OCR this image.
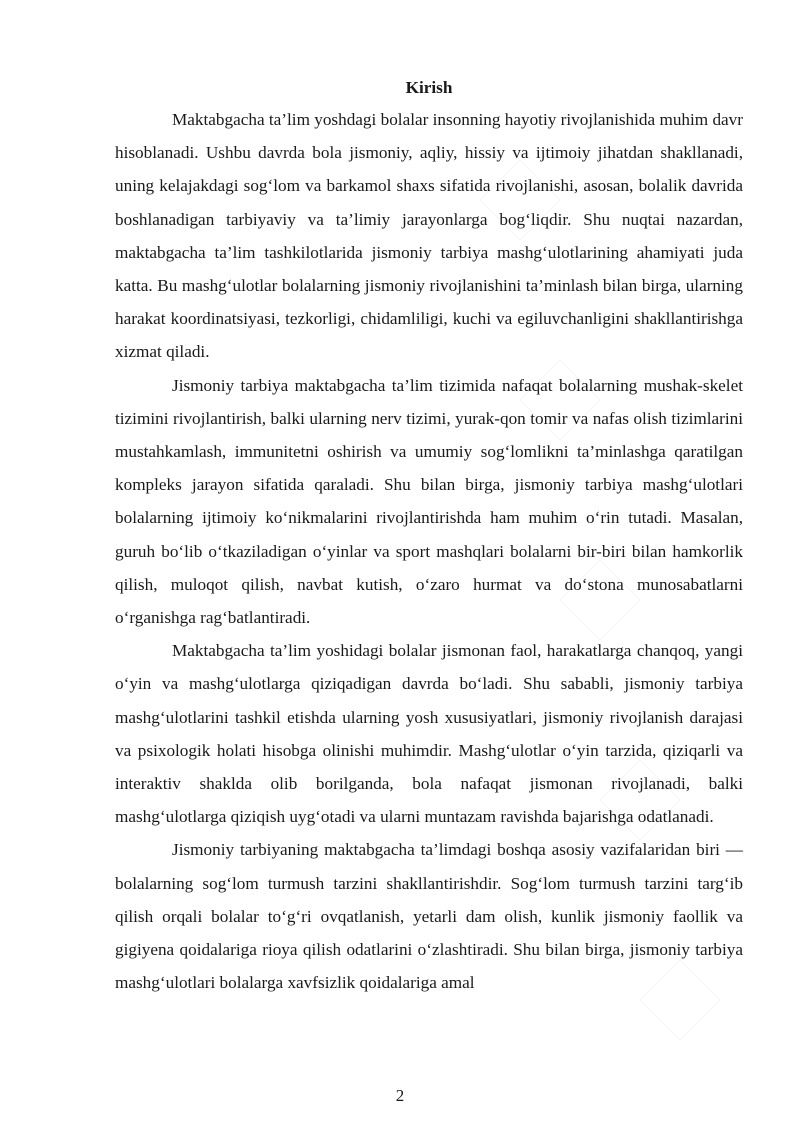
Kirish

Maktabgacha ta’lim yoshdagi bolalar insonning hayotiy rivojlanishida muhim davr hisoblanadi. Ushbu davrda bola jismoniy, aqliy, hissiy va ijtimoiy jihatdan shakllanadi, uning kelajakdagi sog‘lom va barkamol shaxs sifatida rivojlanishi, asosan, bolalik davrida boshlanadigan tarbiyaviy va ta’limiy jarayonlarga bog‘liqdir. Shu nuqtai nazardan, maktabgacha ta’lim tashkilotlarida jismoniy tarbiya mashg‘ulotlarining ahamiyati juda katta. Bu mashg‘ulotlar bolalarning jismoniy rivojlanishini ta’minlash bilan birga, ularning harakat koordinatsiyasi, tezkorligi, chidamliligi, kuchi va egiluvchanligini shakllantirishga xizmat qiladi.

Jismoniy tarbiya maktabgacha ta’lim tizimida nafaqat bolalarning mushak-skelet tizimini rivojlantirish, balki ularning nerv tizimi, yurak-qon tomir va nafas olish tizimlarini mustahkamlash, immunitetni oshirish va umumiy sog‘lomlikni ta’minlashga qaratilgan kompleks jarayon sifatida qaraladi. Shu bilan birga, jismoniy tarbiya mashg‘ulotlari bolalarning ijtimoiy ko‘nikmalarini rivojlantirishda ham muhim o‘rin tutadi. Masalan, guruh bo‘lib o‘tkaziladigan o‘yinlar va sport mashqlari bolalarni bir-biri bilan hamkorlik qilish, muloqot qilish, navbat kutish, o‘zaro hurmat va do‘stona munosabatlarni o‘rganishga rag‘batlantiradi.

Maktabgacha ta’lim yoshidagi bolalar jismonan faol, harakatlarga chanqoq, yangi o‘yin va mashg‘ulotlarga qiziqadigan davrda bo‘ladi. Shu sababli, jismoniy tarbiya mashg‘ulotlarini tashkil etishda ularning yosh xususiyatlari, jismoniy rivojlanish darajasi va psixologik holati hisobga olinishi muhimdir. Mashg‘ulotlar o‘yin tarzida, qiziqarli va interaktiv shaklda olib borilganda, bola nafaqat jismonan rivojlanadi, balki mashg‘ulotlarga qiziqish uyg‘otadi va ularni muntazam ravishda bajarishga odatlanadi.

Jismoniy tarbiyaning maktabgacha ta’limdagi boshqa asosiy vazifalaridan biri — bolalarning sog‘lom turmush tarzini shakllantirishdir. Sog‘lom turmush tarzini targ‘ib qilish orqali bolalar to‘g‘ri ovqatlanish, yetarli dam olish, kunlik jismoniy faollik va gigiyena qoidalariga rioya qilish odatlarini o‘zlashtiradi. Shu bilan birga, jismoniy tarbiya mashg‘ulotlari bolalarga xavfsizlik qoidalariga amal

2
